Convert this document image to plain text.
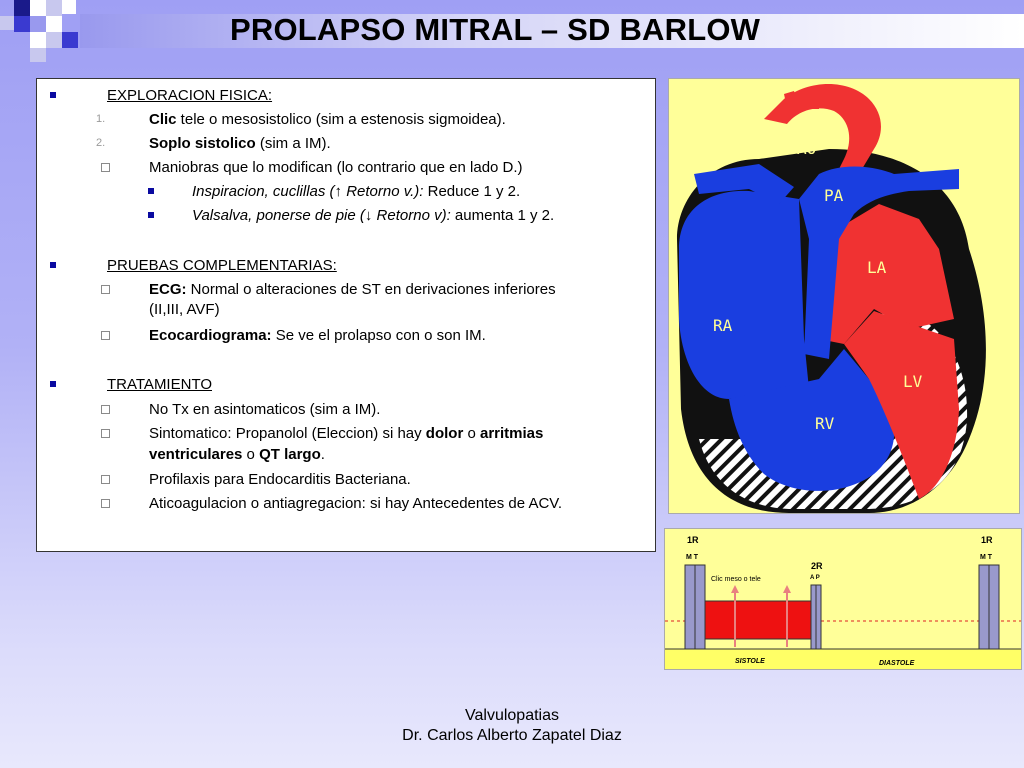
PROLAPSO MITRAL – SD BARLOW
EXPLORACION FISICA:
1.	Clic tele o mesosistolico (sim a estenosis sigmoidea).
2.	Soplo sistolico (sim a IM).
Maniobras que lo modifican (lo contrario que en lado D.)
Inspiracion, cuclillas (↑ Retorno v.): Reduce 1 y 2.
Valsalva, ponerse de pie (↓ Retorno v): aumenta 1 y 2.
PRUEBAS COMPLEMENTARIAS:
ECG: Normal o alteraciones de ST en derivaciones inferiores
(II,III, AVF)
Ecocardiograma: Se ve el prolapso con o son IM.
TRATAMIENTO
No Tx en asintomaticos (sim a IM).
Sintomatico: Propanolol (Eleccion) si hay dolor o arritmias
ventriculares o QT largo.
Profilaxis para Endocarditis Bacteriana.
Aticoagulacion o antiagregacion: si hay Antecedentes de ACV.
AO
PA
LA
RA
LV
RV
1R
M T
2R
A P
1R
M T
Clic meso o tele
SISTOLE	DIASTOLE
Valvulopatias
Dr. Carlos Alberto Zapatel Diaz
